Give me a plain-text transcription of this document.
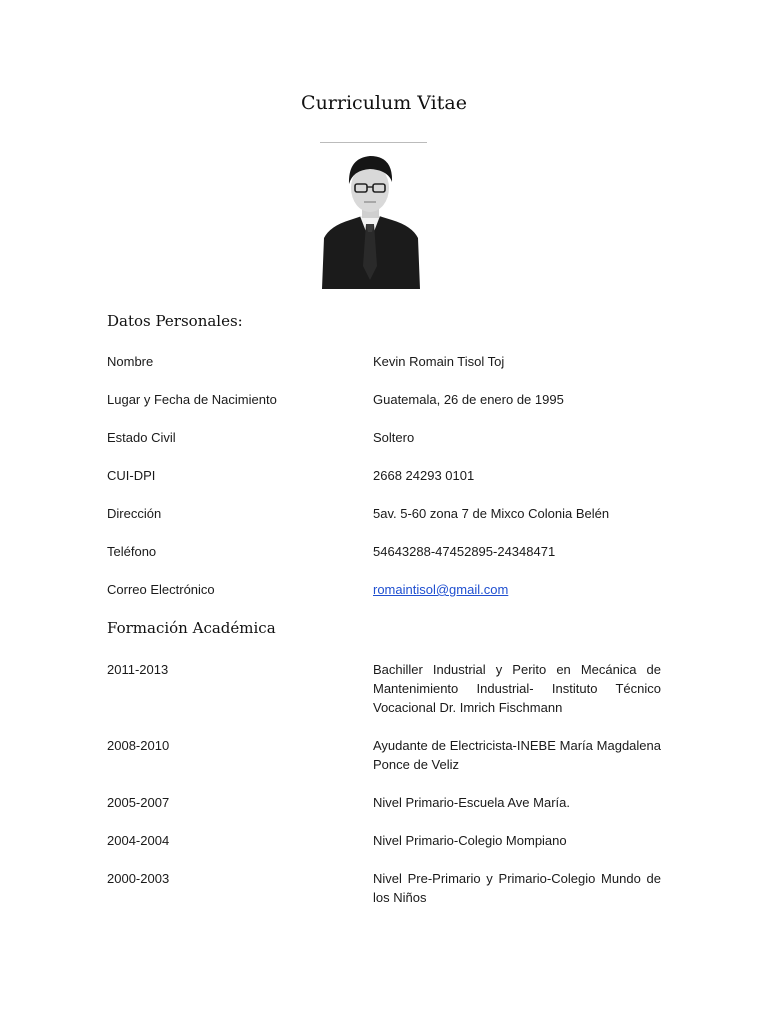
Curriculum Vitae
Datos Personales:
Nombre	Kevin Romain Tisol Toj
Lugar y Fecha de Nacimiento	Guatemala, 26 de enero de 1995
Estado Civil	Soltero
CUI-DPI	2668 24293 0101
Dirección	5av. 5-60 zona 7 de Mixco Colonia Belén
Teléfono	54643288-47452895-24348471
Correo Electrónico	romaintisol@gmail.com
Formación Académica
2011-2013	Bachiller Industrial y Perito en Mecánica de Mantenimiento Industrial- Instituto Técnico Vocacional Dr. Imrich Fischmann
2008-2010	Ayudante de Electricista-INEBE María Magdalena Ponce de Veliz
2005-2007	Nivel Primario-Escuela Ave María.
2004-2004	Nivel Primario-Colegio Mompiano
2000-2003	Nivel Pre-Primario y Primario-Colegio Mundo de los Niños
